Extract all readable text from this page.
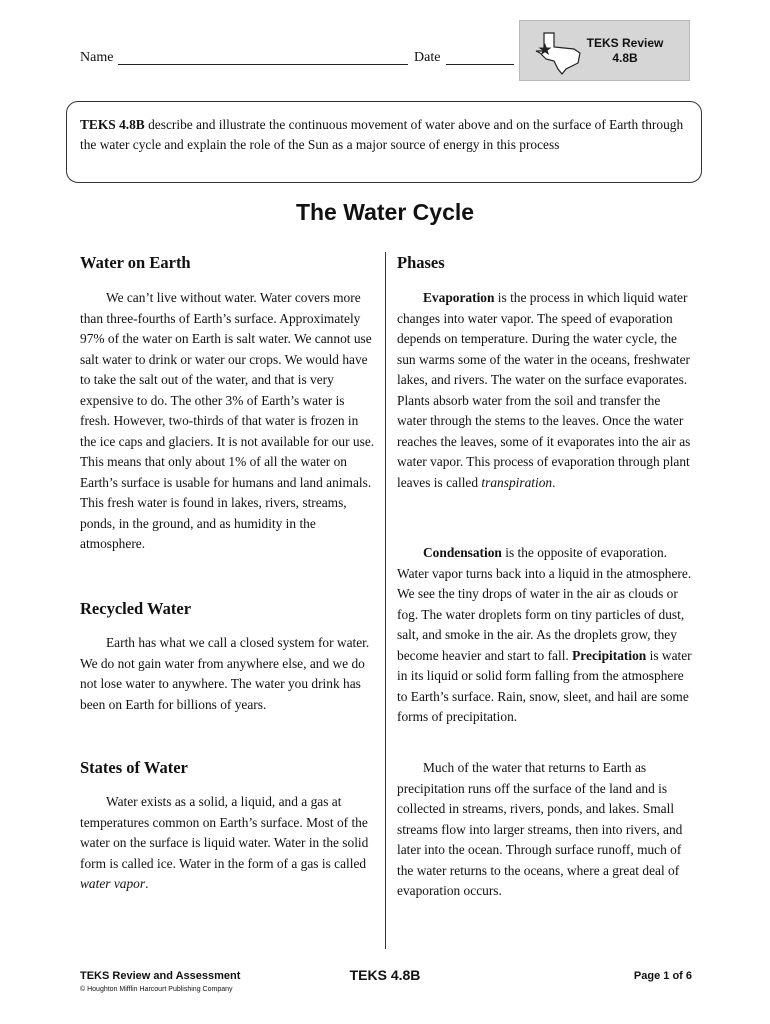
Name	Date
TEKS Review
4.8B
TEKS 4.8B describe and illustrate the continuous movement of water above and on the surface of Earth through the water cycle and explain the role of the Sun as a major source of energy in this process
The Water Cycle
Water on Earth

We can’t live without water. Water covers more than three-fourths of Earth’s surface. Approximately 97% of the water on Earth is salt water. We cannot use salt water to drink or water our crops. We would have to take the salt out of the water, and that is very expensive to do. The other 3% of Earth’s water is fresh. However, two-thirds of that water is frozen in the ice caps and glaciers. It is not available for our use. This means that only about 1% of all the water on Earth’s surface is usable for humans and land animals. This fresh water is found in lakes, rivers, streams, ponds, in the ground, and as humidity in the atmosphere.

Recycled Water

Earth has what we call a closed system for water. We do not gain water from anywhere else, and we do not lose water to anywhere. The water you drink has been on Earth for billions of years.

States of Water

Water exists as a solid, a liquid, and a gas at temperatures common on Earth’s surface. Most of the water on the surface is liquid water. Water in the solid form is called ice. Water in the form of a gas is called water vapor.

Phases

Evaporation is the process in which liquid water changes into water vapor. The speed of evaporation depends on temperature. During the water cycle, the sun warms some of the water in the oceans, freshwater lakes, and rivers. The water on the surface evaporates. Plants absorb water from the soil and transfer the water through the stems to the leaves. Once the water reaches the leaves, some of it evaporates into the air as water vapor. This process of evaporation through plant leaves is called transpiration.

Condensation is the opposite of evaporation. Water vapor turns back into a liquid in the atmosphere. We see the tiny drops of water in the air as clouds or fog. The water droplets form on tiny particles of dust, salt, and smoke in the air. As the droplets grow, they become heavier and start to fall. Precipitation is water in its liquid or solid form falling from the atmosphere to Earth’s surface. Rain, snow, sleet, and hail are some forms of precipitation.

Much of the water that returns to Earth as precipitation runs off the surface of the land and is collected in streams, rivers, ponds, and lakes. Small streams flow into larger streams, then into rivers, and later into the ocean. Through surface runoff, much of the water returns to the oceans, where a great deal of evaporation occurs.

TEKS Review and Assessment
© Houghton Mifflin Harcourt Publishing Company
TEKS 4.8B	Page 1 of 6
